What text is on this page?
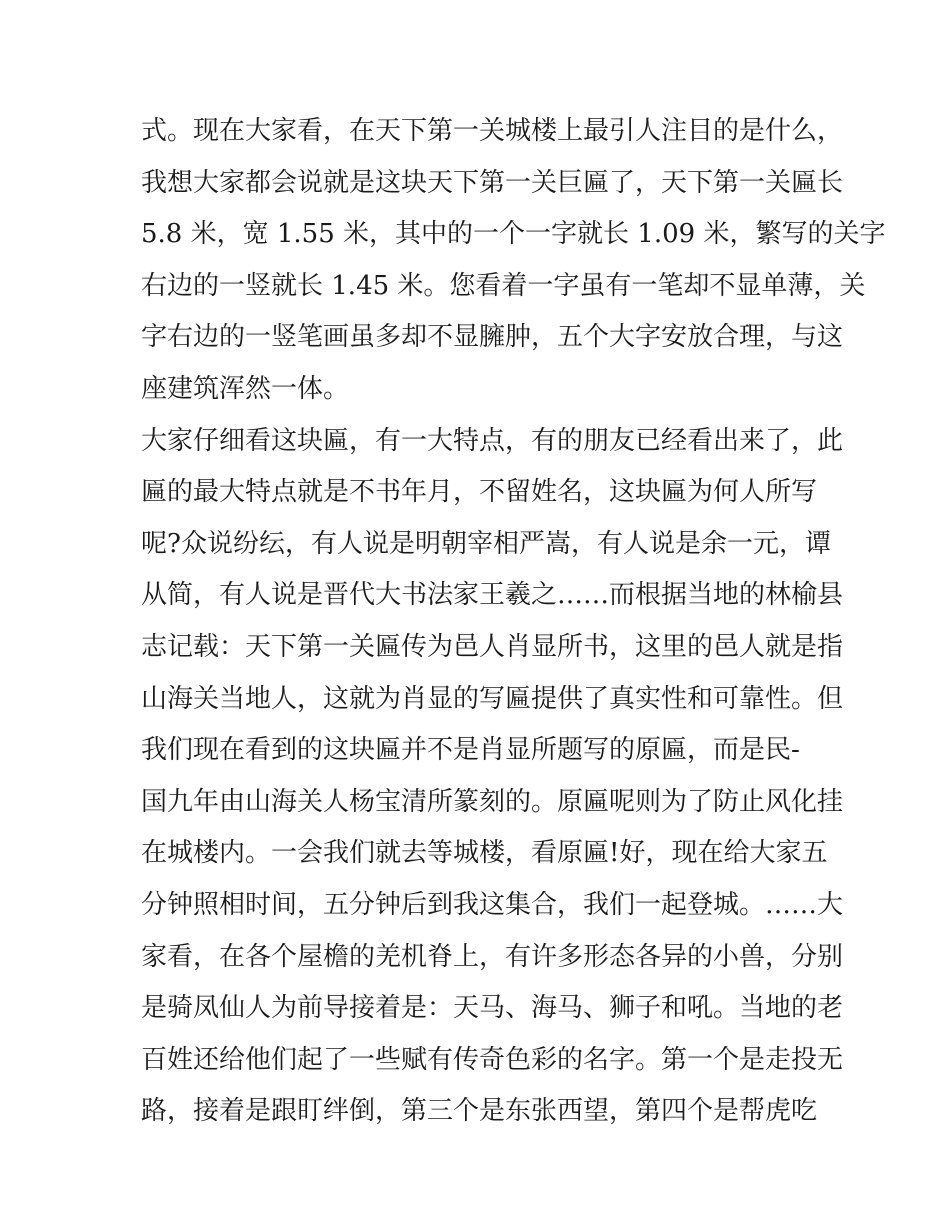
式。现在大家看，在天下第一关城楼上最引人注目的是什么，
我想大家都会说就是这块天下第一关巨匾了，天下第一关匾长
5.8 米，宽 1.55 米，其中的一个一字就长 1.09 米，繁写的关字
右边的一竖就长 1.45 米。您看着一字虽有一笔却不显单薄，关
字右边的一竖笔画虽多却不显臃肿，五个大字安放合理，与这
座建筑浑然一体。
大家仔细看这块匾，有一大特点，有的朋友已经看出来了，此
匾的最大特点就是不书年月，不留姓名，这块匾为何人所写
呢?众说纷纭，有人说是明朝宰相严嵩，有人说是余一元，谭
从简，有人说是晋代大书法家王羲之……而根据当地的林榆县
志记载：天下第一关匾传为邑人肖显所书，这里的邑人就是指
山海关当地人，这就为肖显的写匾提供了真实性和可靠性。但
我们现在看到的这块匾并不是肖显所题写的原匾，而是民-
国九年由山海关人杨宝清所篆刻的。原匾呢则为了防止风化挂
在城楼内。一会我们就去等城楼，看原匾!好，现在给大家五
分钟照相时间，五分钟后到我这集合，我们一起登城。……大
家看，在各个屋檐的羌机脊上，有许多形态各异的小兽，分别
是骑凤仙人为前导接着是：天马、海马、狮子和吼。当地的老
百姓还给他们起了一些赋有传奇色彩的名字。第一个是走投无
路，接着是跟盯绊倒，第三个是东张西望，第四个是帮虎吃
